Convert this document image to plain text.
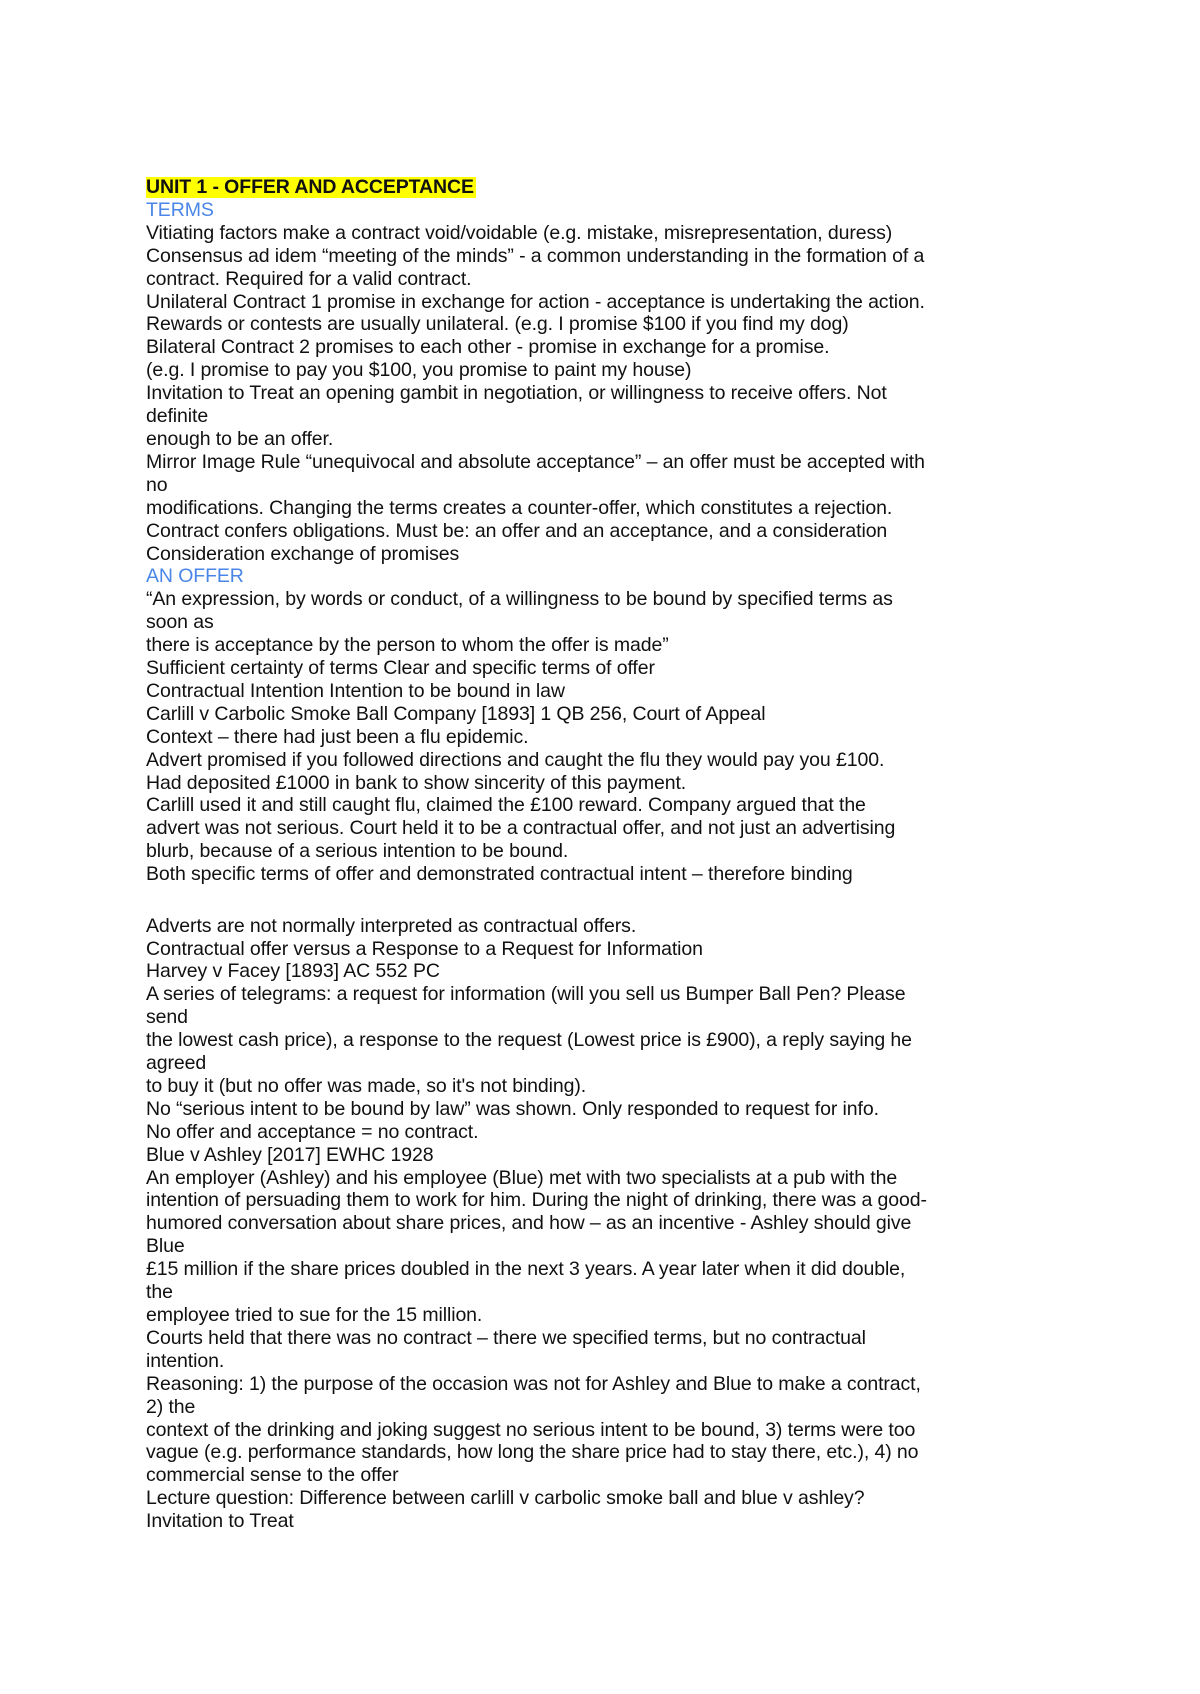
UNIT 1 - OFFER AND ACCEPTANCE
TERMS
Vitiating factors make a contract void/voidable (e.g. mistake, misrepresentation, duress)
Consensus ad idem “meeting of the minds” - a common understanding in the formation of a
contract. Required for a valid contract.
Unilateral Contract 1 promise in exchange for action - acceptance is undertaking the action.
Rewards or contests are usually unilateral. (e.g. I promise $100 if you find my dog)
Bilateral Contract 2 promises to each other - promise in exchange for a promise.
(e.g. I promise to pay you $100, you promise to paint my house)
Invitation to Treat an opening gambit in negotiation, or willingness to receive offers. Not
definite
enough to be an offer.
Mirror Image Rule “unequivocal and absolute acceptance” – an offer must be accepted with
no
modifications. Changing the terms creates a counter-offer, which constitutes a rejection.
Contract confers obligations. Must be: an offer and an acceptance, and a consideration
Consideration exchange of promises
AN OFFER
“An expression, by words or conduct, of a willingness to be bound by specified terms as
soon as
there is acceptance by the person to whom the offer is made”
Sufficient certainty of terms Clear and specific terms of offer
Contractual Intention Intention to be bound in law
Carlill v Carbolic Smoke Ball Company [1893] 1 QB 256, Court of Appeal
Context – there had just been a flu epidemic.
Advert promised if you followed directions and caught the flu they would pay you £100.
Had deposited £1000 in bank to show sincerity of this payment.
Carlill used it and still caught flu, claimed the £100 reward. Company argued that the
advert was not serious. Court held it to be a contractual offer, and not just an advertising
blurb, because of a serious intention to be bound.
Both specific terms of offer and demonstrated contractual intent – therefore binding
Adverts are not normally interpreted as contractual offers.
Contractual offer versus a Response to a Request for Information
Harvey v Facey [1893] AC 552 PC
A series of telegrams: a request for information (will you sell us Bumper Ball Pen? Please
send
the lowest cash price), a response to the request (Lowest price is £900), a reply saying he
agreed
to buy it (but no offer was made, so it's not binding).
No “serious intent to be bound by law” was shown. Only responded to request for info.
No offer and acceptance = no contract.
Blue v Ashley [2017] EWHC 1928
An employer (Ashley) and his employee (Blue) met with two specialists at a pub with the
intention of persuading them to work for him. During the night of drinking, there was a good-
humored conversation about share prices, and how – as an incentive - Ashley should give
Blue
£15 million if the share prices doubled in the next 3 years. A year later when it did double,
the
employee tried to sue for the 15 million.
Courts held that there was no contract – there we specified terms, but no contractual
intention.
Reasoning: 1) the purpose of the occasion was not for Ashley and Blue to make a contract,
2) the
context of the drinking and joking suggest no serious intent to be bound, 3) terms were too
vague (e.g. performance standards, how long the share price had to stay there, etc.), 4) no
commercial sense to the offer
Lecture question: Difference between carlill v carbolic smoke ball and blue v ashley?
Invitation to Treat
